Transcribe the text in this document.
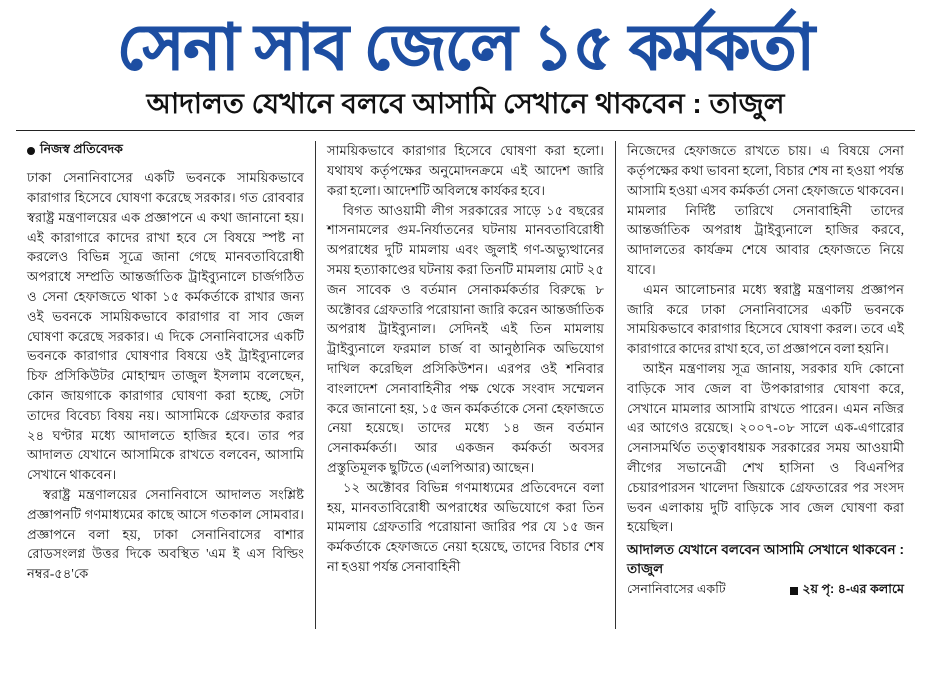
সেনা সাব জেলে ১৫ কর্মকর্তা
আদালত যেখানে বলবে আসামি সেখানে থাকবেন : তাজুল
নিজস্ব প্রতিবেদক

ঢাকা সেনানিবাসের একটি ভবনকে সাময়িকভাবে কারাগার হিসেবে ঘোষণা করেছে সরকার। গত রোববার স্বরাষ্ট্র মন্ত্রণালয়ের এক প্রজ্ঞাপনে এ কথা জানানো হয়। এই কারাগারে কাদের রাখা হবে সে বিষয়ে স্পষ্ট না করলেও বিভিন্ন সূত্রে জানা গেছে মানবতাবিরোধী অপরাধে সম্প্রতি আন্তর্জাতিক ট্রাইব্যুনালে চার্জগঠিত ও সেনা হেফাজতে থাকা ১৫ কর্মকর্তাকে রাখার জন্য ওই ভবনকে সাময়িকভাবে কারাগার বা সাব জেল ঘোষণা করেছে সরকার। এ দিকে সেনানিবাসের একটি ভবনকে কারাগার ঘোষণার বিষয়ে ওই ট্রাইব্যুনালের চিফ প্রসিকিউটর মোহাম্মদ তাজুল ইসলাম বলেছেন, কোন জায়গাকে কারাগার ঘোষণা করা হচ্ছে, সেটা তাদের বিবেচ্য বিষয় নয়। আসামিকে গ্রেফতার করার ২৪ ঘণ্টার মধ্যে আদালতে হাজির হবে। তার পর আদালত যেখানে আসামিকে রাখতে বলবেন, আসামি সেখানে থাকবেন।

স্বরাষ্ট্র মন্ত্রণালয়ের সেনানিবাসে আদালত সংশ্লিষ্ট প্রজ্ঞাপনটি গণমাধ্যমের কাছে আসে গতকাল সোমবার। প্রজ্ঞাপনে বলা হয়, ঢাকা সেনানিবাসের বাশার রোডসংলগ্ন উত্তর দিকে অবস্থিত 'এম ই এস বিল্ডিং নম্বর-৫৪'কে

সাময়িকভাবে কারাগার হিসেবে ঘোষণা করা হলো। যথাযথ কর্তৃপক্ষের অনুমোদনক্রমে এই আদেশ জারি করা হলো। আদেশটি অবিলম্বে কার্যকর হবে।

বিগত আওয়ামী লীগ সরকারের সাড়ে ১৫ বছরের শাসনামলের গুম-নির্যাতনের ঘটনায় মানবতাবিরোধী অপরাধের দুটি মামলায় এবং জুলাই গণ-অভ্যুত্থানের সময় হত্যাকাণ্ডের ঘটনায় করা তিনটি মামলায় মোট ২৫ জন সাবেক ও বর্তমান সেনাকর্মকর্তার বিরুদ্ধে ৮ অক্টোবর গ্রেফতারি পরোয়ানা জারি করেন আন্তর্জাতিক অপরাধ ট্রাইব্যুনাল। সেদিনই এই তিন মামলায় ট্রাইব্যুনালে ফরমাল চার্জ বা আনুষ্ঠানিক অভিযোগ দাখিল করেছিল প্রসিকিউশন। এরপর ওই শনিবার বাংলাদেশ সেনাবাহিনীর পক্ষ থেকে সংবাদ সম্মেলন করে জানানো হয়, ১৫ জন কর্মকর্তাকে সেনা হেফাজতে নেয়া হয়েছে। তাদের মধ্যে ১৪ জন বর্তমান সেনাকর্মকর্তা। আর একজন কর্মকর্তা অবসর প্রস্তুতিমূলক ছুটিতে (এলপিআর) আছেন।

১২ অক্টোবর বিভিন্ন গণমাধ্যমের প্রতিবেদনে বলা হয়, মানবতাবিরোধী অপরাধের অভিযোগে করা তিন মামলায় গ্রেফতারি পরোয়ানা জারির পর যে ১৫ জন কর্মকর্তাকে হেফাজতে নেয়া হয়েছে, তাদের বিচার শেষ না হওয়া পর্যন্ত সেনাবাহিনী

নিজেদের হেফাজতে রাখতে চায়। এ বিষয়ে সেনা কর্তৃপক্ষের কথা ভাবনা হলো, বিচার শেষ না হওয়া পর্যন্ত আসামি হওয়া এসব কর্মকর্তা সেনা হেফাজতে থাকবেন। মামলার নির্দিষ্ট তারিখে সেনাবাহিনী তাদের আন্তর্জাতিক অপরাধ ট্রাইব্যুনালে হাজির করবে, আদালতের কার্যক্রম শেষে আবার হেফাজতে নিয়ে যাবে।

এমন আলোচনার মধ্যে স্বরাষ্ট্র মন্ত্রণালয় প্রজ্ঞাপন জারি করে ঢাকা সেনানিবাসের একটি ভবনকে সাময়িকভাবে কারাগার হিসেবে ঘোষণা করল। তবে এই কারাগারে কাদের রাখা হবে, তা প্রজ্ঞাপনে বলা হয়নি।

আইন মন্ত্রণালয় সূত্র জানায়, সরকার যদি কোনো বাড়িকে সাব জেল বা উপকারাগার ঘোষণা করে, সেখানে মামলার আসামি রাখতে পারেন। এমন নজির এর আগেও রয়েছে। ২০০৭-০৮ সালে এক-এগারোর সেনাসমর্থিত তত্ত্বাবধায়ক সরকারের সময় আওয়ামী লীগের সভানেত্রী শেখ হাসিনা ও বিএনপির চেয়ারপারসন খালেদা জিয়াকে গ্রেফতারের পর সংসদ ভবন এলাকায় দুটি বাড়িকে সাব জেল ঘোষণা করা হয়েছিল।

আদালত যেখানে বলবেন আসামি সেখানে থাকবেন : তাজুল

সেনানিবাসের একটি	২য় পৃ: ৪-এর কলামে
